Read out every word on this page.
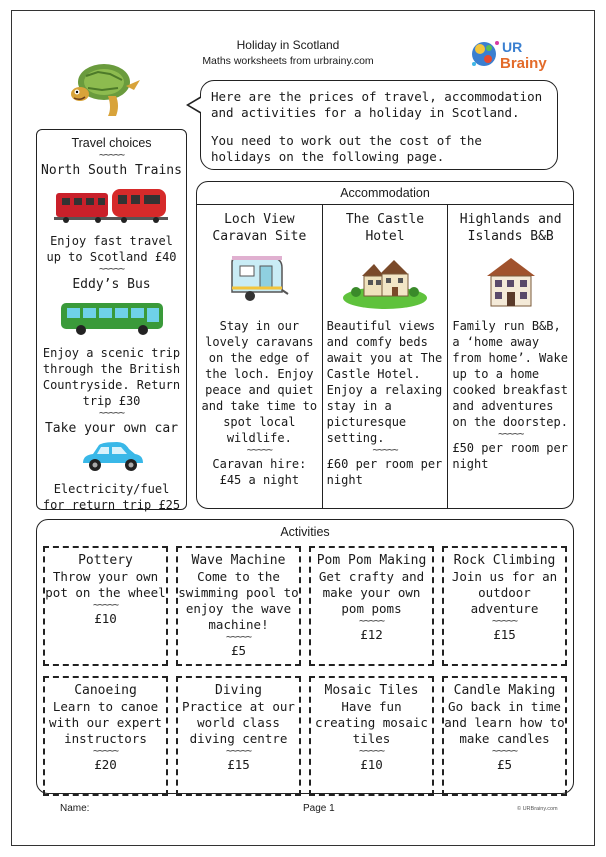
Holiday in Scotland
Maths worksheets from urbrainy.com
UR
Brainy

Here are the prices of travel, accommodation and activities for a holiday in Scotland.

You need to work out the cost of the holidays on the following page.

Travel choices
~~~~~
North South Trains
Enjoy fast travel up to Scotland £40
~~~~~
Eddy’s Bus
Enjoy a scenic trip through the British Countryside. Return trip £30
~~~~~
Take your own car
Electricity/fuel for return trip £25
Accommodation
Loch View Caravan Site
Stay in our lovely caravans on the edge of the loch. Enjoy peace and quiet and take time to spot local wildlife.
~~~~~
Caravan hire: £45 a night
The Castle Hotel
Beautiful views and comfy beds await you at The Castle Hotel. Enjoy a relaxing stay in a picturesque setting.
~~~~~
£60 per room per night
Highlands and Islands B&B
Family run B&B, a ‘home away from home’. Wake up to a home cooked breakfast and adventures on the doorstep.
~~~~~
£50 per room per night
Activities
Pottery
Throw your own pot on the wheel
~~~~~
£10
Wave Machine
Come to the swimming pool to enjoy the wave machine!
~~~~~
£5
Pom Pom Making
Get crafty and make your own pom poms
~~~~~
£12
Rock Climbing
Join us for an outdoor adventure
~~~~~
£15
Canoeing
Learn to canoe with our expert instructors
~~~~~
£20
Diving
Practice at our world class diving centre
~~~~~
£15
Mosaic Tiles
Have fun creating mosaic tiles
~~~~~
£10
Candle Making
Go back in time and learn how to make candles
~~~~~
£5
Name:	Page 1	© URBrainy.com
